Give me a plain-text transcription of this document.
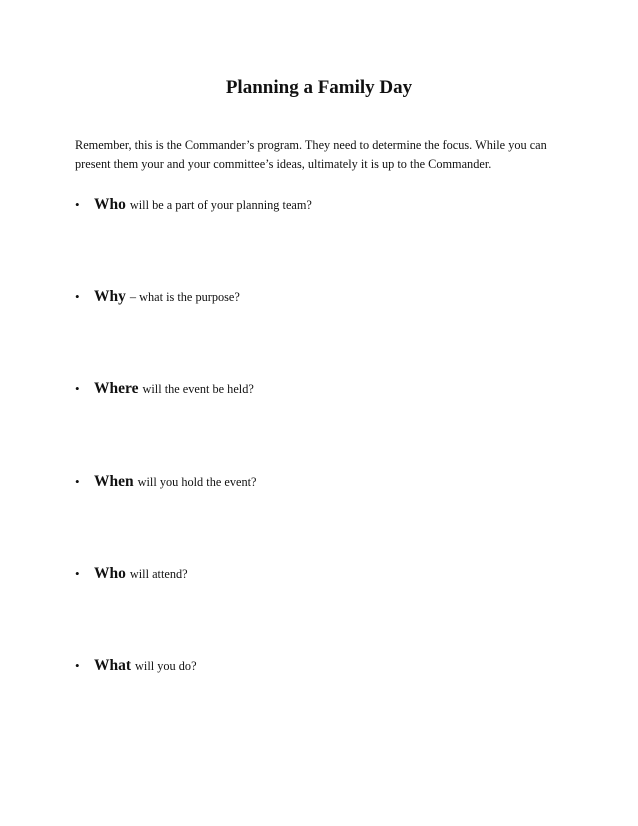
Planning a Family Day

Remember, this is the Commander’s program. They need to determine the focus. While you can present them your and your committee’s ideas, ultimately it is up to the Commander.

• Who will be a part of your planning team?
• Why – what is the purpose?
• Where will the event be held?
• When will you hold the event?
• Who will attend?
• What will you do?
